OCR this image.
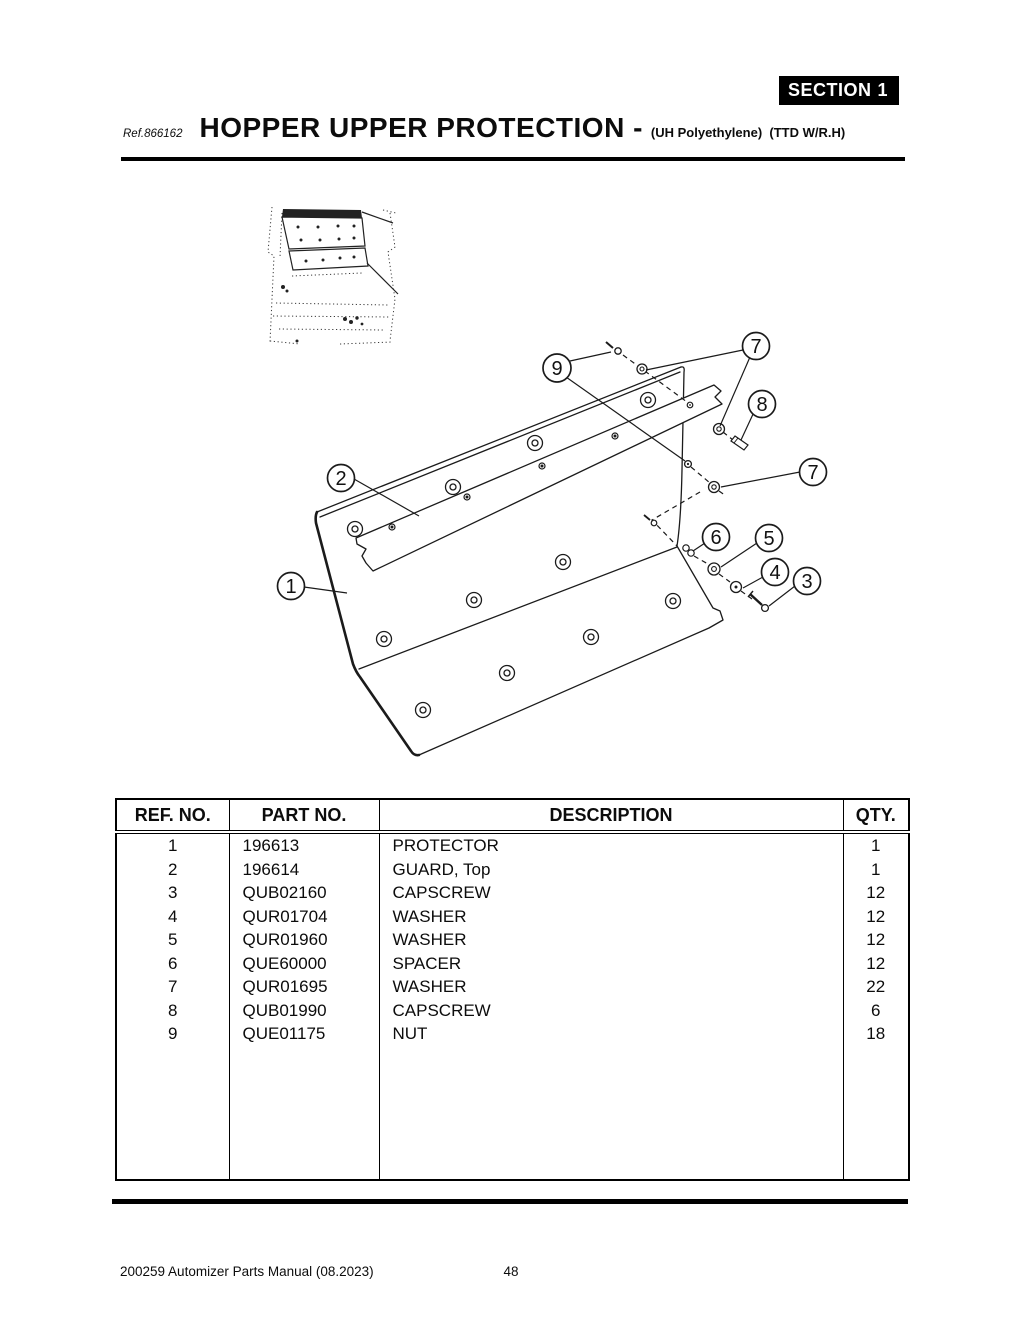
SECTION 1
Ref.866162 HOPPER UPPER PROTECTION - (UH Polyethylene)  (TTD W/R.H)
1
2
3
4
5
6
7
7
8
9
REF. NO.	PART NO.	DESCRIPTION	QTY.
1	196613	PROTECTOR	1
2	196614	GUARD, Top	1
3	QUB02160	CAPSCREW	12
4	QUR01704	WASHER	12
5	QUR01960	WASHER	12
6	QUE60000	SPACER	12
7	QUR01695	WASHER	22
8	QUB01990	CAPSCREW	6
9	QUE01175	NUT	18

200259 Automizer Parts Manual (08.2023)	48
